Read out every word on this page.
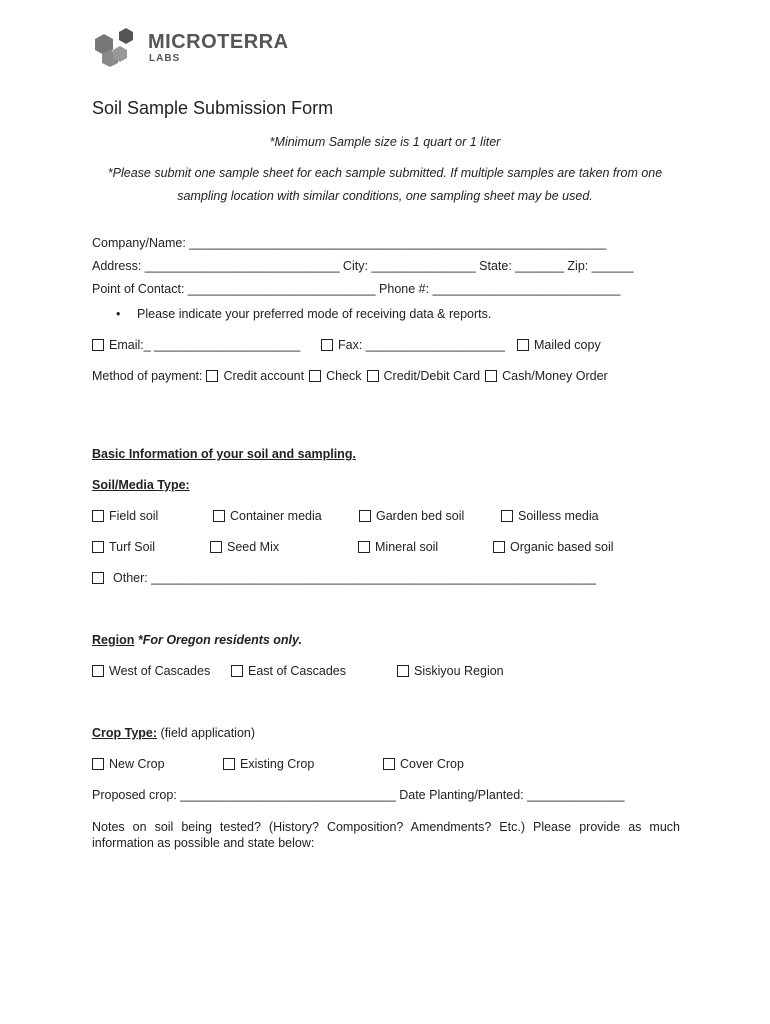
MICROTERRA
LABS
Soil Sample Submission Form
*Minimum Sample size is 1 quart or 1 liter
*Please submit one sample sheet for each sample submitted. If multiple samples are taken from one
sampling location with similar conditions, one sampling sheet may be used.
Company/Name: ____________________________________________________________
Address: ____________________________ City: _______________ State: _______ Zip: ______
Point of Contact: ___________________________ Phone #: ___________________________
• Please indicate your preferred mode of receiving data & reports.
Email:_ _____________________	Fax: ____________________ Mailed copy
Method of payment: Credit account Check Credit/Debit Card Cash/Money Order
Basic Information of your soil and sampling.
Soil/Media Type:
Field soil	Container media	Garden bed soil	Soilless media
Turf Soil	Seed Mix	Mineral soil	Organic based soil
Other: ________________________________________________________________
Region *For Oregon residents only.
West of Cascades	East of Cascades	Siskiyou Region
Crop Type: (field application)
New Crop	Existing Crop	Cover Crop
Proposed crop: _______________________________ Date Planting/Planted: ______________
Notes on soil being tested? (History? Composition? Amendments? Etc.) Please provide as much information as possible and state below:
